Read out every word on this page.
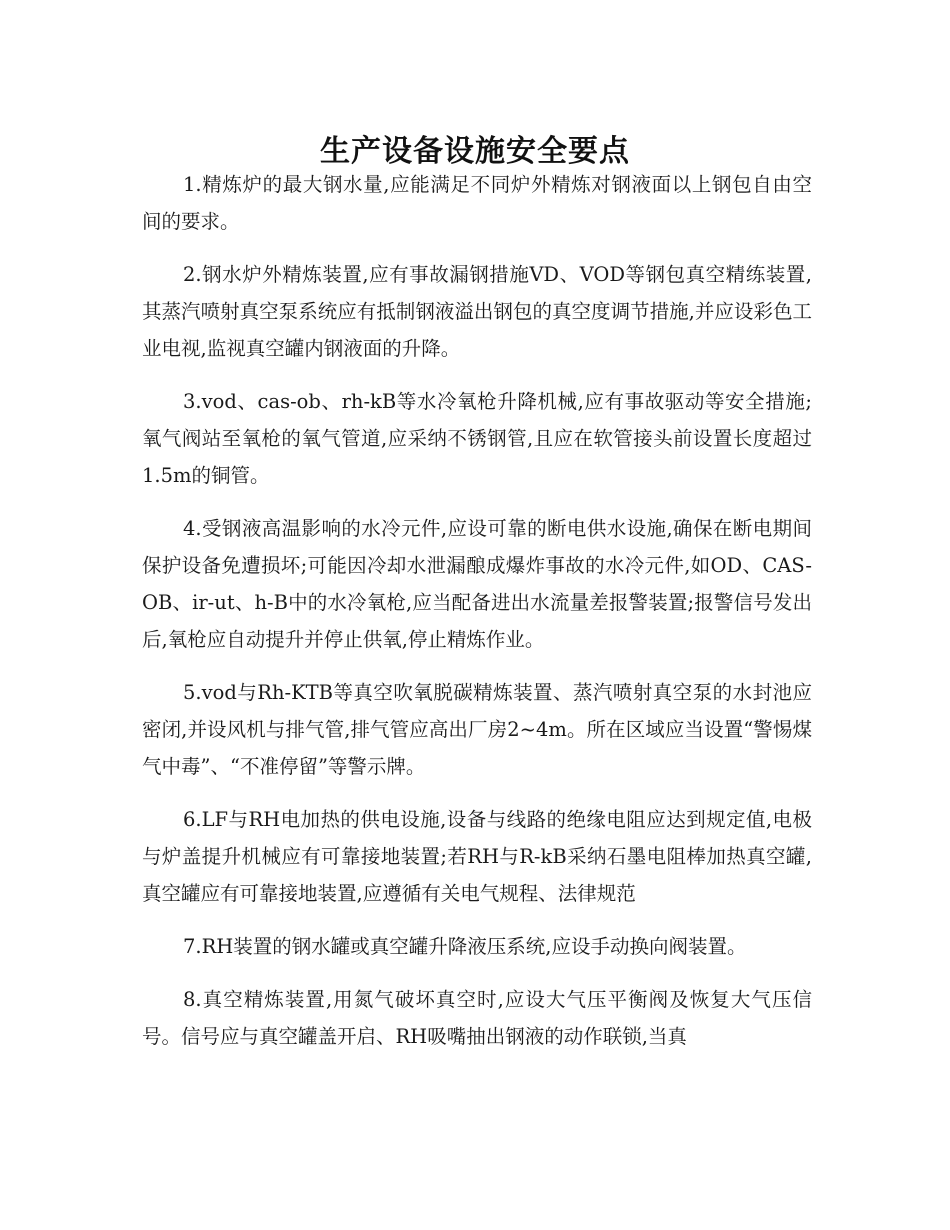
生产设备设施安全要点

1.精炼炉的最大钢水量,应能满足不同炉外精炼对钢液面以上钢包自由空间的要求。

2.钢水炉外精炼装置,应有事故漏钢措施VD、VOD等钢包真空精练装置,其蒸汽喷射真空泵系统应有抵制钢液溢出钢包的真空度调节措施,并应设彩色工业电视,监视真空罐内钢液面的升降。

3.vod、cas-ob、rh-kB等水冷氧枪升降机械,应有事故驱动等安全措施;氧气阀站至氧枪的氧气管道,应采纳不锈钢管,且应在软管接头前设置长度超过1.5m的铜管。

4.受钢液高温影响的水冷元件,应设可靠的断电供水设施,确保在断电期间保护设备免遭损坏;可能因冷却水泄漏酿成爆炸事故的水冷元件,如OD、CAS-OB、ir-ut、h-B中的水冷氧枪,应当配备进出水流量差报警装置;报警信号发出后,氧枪应自动提升并停止供氧,停止精炼作业。

5.vod与Rh-KTB等真空吹氧脱碳精炼装置、蒸汽喷射真空泵的水封池应密闭,并设风机与排气管,排气管应高出厂房2~4m。所在区域应当设置“警惕煤气中毒”、“不准停留”等警示牌。

6.LF与RH电加热的供电设施,设备与线路的绝缘电阻应达到规定值,电极与炉盖提升机械应有可靠接地装置;若RH与R-kB采纳石墨电阻棒加热真空罐,真空罐应有可靠接地装置,应遵循有关电气规程、法律规范

7.RH装置的钢水罐或真空罐升降液压系统,应设手动换向阀装置。

8.真空精炼装置,用氮气破坏真空时,应设大气压平衡阀及恢复大气压信号。信号应与真空罐盖开启、RH吸嘴抽出钢液的动作联锁,当真
